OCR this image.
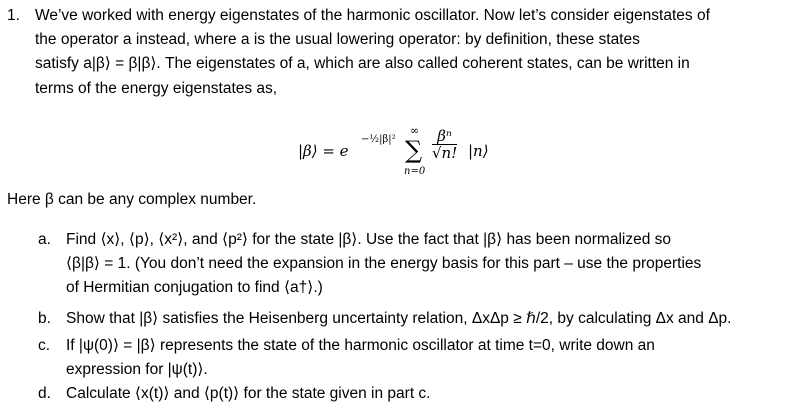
1. We’ve worked with energy eigenstates of the harmonic oscillator. Now let’s consider eigenstates of
the operator a instead, where a is the usual lowering operator: by definition, these states
satisfy a|β⟩ = β|β⟩. The eigenstates of a, which are also called coherent states, can be written in
terms of the energy eigenstates as,
|β⟩ = e
−½|β|²
∞
∑
n=0
$\frac{\text{βⁿ}}{√n!}$ |n⟩
Here β can be any complex number.
a. Find ⟨x⟩, ⟨p⟩, ⟨x²⟩, and ⟨p²⟩ for the state |β⟩. Use the fact that |β⟩ has been normalized so
⟨β|β⟩ = 1. (You don’t need the expansion in the energy basis for this part – use the properties
of Hermitian conjugation to find ⟨a†⟩.)
b. Show that |β⟩ satisfies the Heisenberg uncertainty relation, ΔxΔp ≥ ℏ/2, by calculating Δx and Δp.
c. If |ψ(0)⟩ = |β⟩ represents the state of the harmonic oscillator at time t=0, write down an
expression for |ψ(t)⟩.
d. Calculate ⟨x(t)⟩ and ⟨p(t)⟩ for the state given in part c.
